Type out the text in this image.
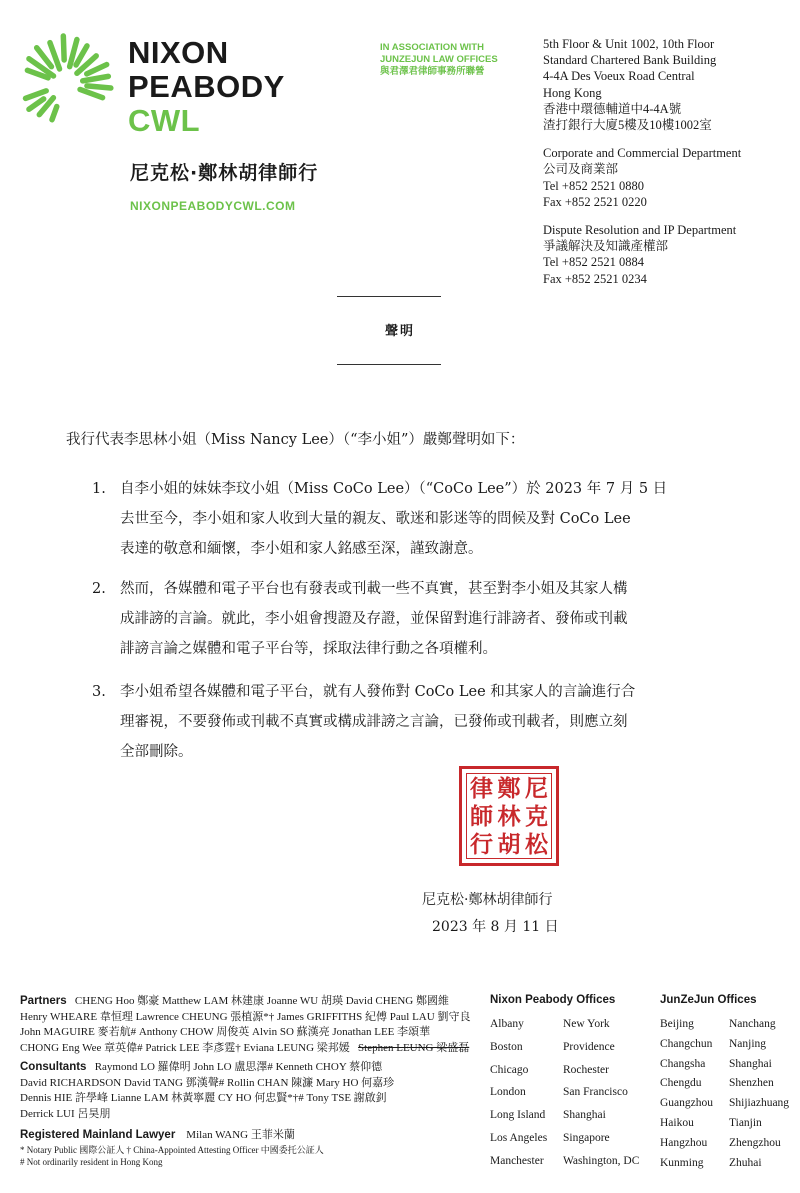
NIXON
PEABODY
CWL
尼克松·鄭林胡律師行
NIXONPEABODYCWL.COM
IN ASSOCIATION WITH
JUNZEJUN LAW OFFICES
與君澤君律師事務所聯營
5th Floor & Unit 1002, 10th Floor
Standard Chartered Bank Building
4-4A Des Voeux Road Central
Hong Kong
香港中環德輔道中4-4A號
渣打銀行大廈5樓及10樓1002室
Corporate and Commercial Department
公司及商業部
Tel +852 2521 0880
Fax +852 2521 0220
Dispute Resolution and IP Department
爭議解決及知識產權部
Tel +852 2521 0884
Fax +852 2521 0234
聲明
我行代表李思林小姐（Miss Nancy Lee）（“李小姐”）嚴鄭聲明如下：
1. 自李小姐的妹妹李玟小姐（Miss CoCo Lee）（“CoCo Lee”）於 2023 年 7 月 5 日
去世至今，李小姐和家人收到大量的親友、歌迷和影迷等的問候及對 CoCo Lee
表達的敬意和緬懷，李小姐和家人銘感至深，謹致謝意。
2. 然而，各媒體和電子平台也有發表或刊載一些不真實，甚至對李小姐及其家人構
成誹謗的言論。就此，李小姐會搜證及存證，並保留對進行誹謗者、發佈或刊載
誹謗言論之媒體和電子平台等，採取法律行動之各項權利。
3. 李小姐希望各媒體和電子平台，就有人發佈對 CoCo Lee 和其家人的言論進行合
理審視，不要發佈或刊載不真實或構成誹謗之言論，已發佈或刊載者，則應立刻
全部刪除。
尼
克
松
鄭
林
胡
律
師
行
尼克松·鄭林胡律師行
2023 年 8 月 11 日
Partners CHENG Hoo 鄭豪 Matthew LAM 林建康 Joanne WU 胡瑛 David CHENG 鄭國維
Henry WHEARE 韋恒理 Lawrence CHEUNG 張植源*† James GRIFFITHS 紀傅 Paul LAU 劉守良
John MAGUIRE 麥若航# Anthony CHOW 周俊英 Alvin SO 蘇漢亮 Jonathan LEE 李頌華
CHONG Eng Wee 章英偉# Patrick LEE 李彥霆† Eviana LEUNG 梁邦媛 Stephen LEUNG 梁盛磊
Consultants Raymond LO 羅偉明 John LO 盧思澤# Kenneth CHOY 蔡仰德
David RICHARDSON David TANG 鄧漢聲# Rollin CHAN 陳濂 Mary HO 何嘉珍
Dennis HIE 許學峰 Lianne LAM 林黃寧麗 CY HO 何忠賢*†# Tony TSE 謝啟釗
Derrick LUI 呂昊朋
Registered Mainland Lawyer Milan WANG 王菲米蘭
* Notary Public 國際公証人 † China-Appointed Attesting Officer 中國委托公証人
# Not ordinarily resident in Hong Kong
Nixon Peabody Offices
Albany
Boston
Chicago
London
Long Island
Los Angeles
Manchester
New York
Providence
Rochester
San Francisco
Shanghai
Singapore
Washington, DC
JunZeJun Offices
Beijing
Changchun
Changsha
Chengdu
Guangzhou
Haikou
Hangzhou
Kunming
Nanchang
Nanjing
Shanghai
Shenzhen
Shijiazhuang
Tianjin
Zhengzhou
Zhuhai
